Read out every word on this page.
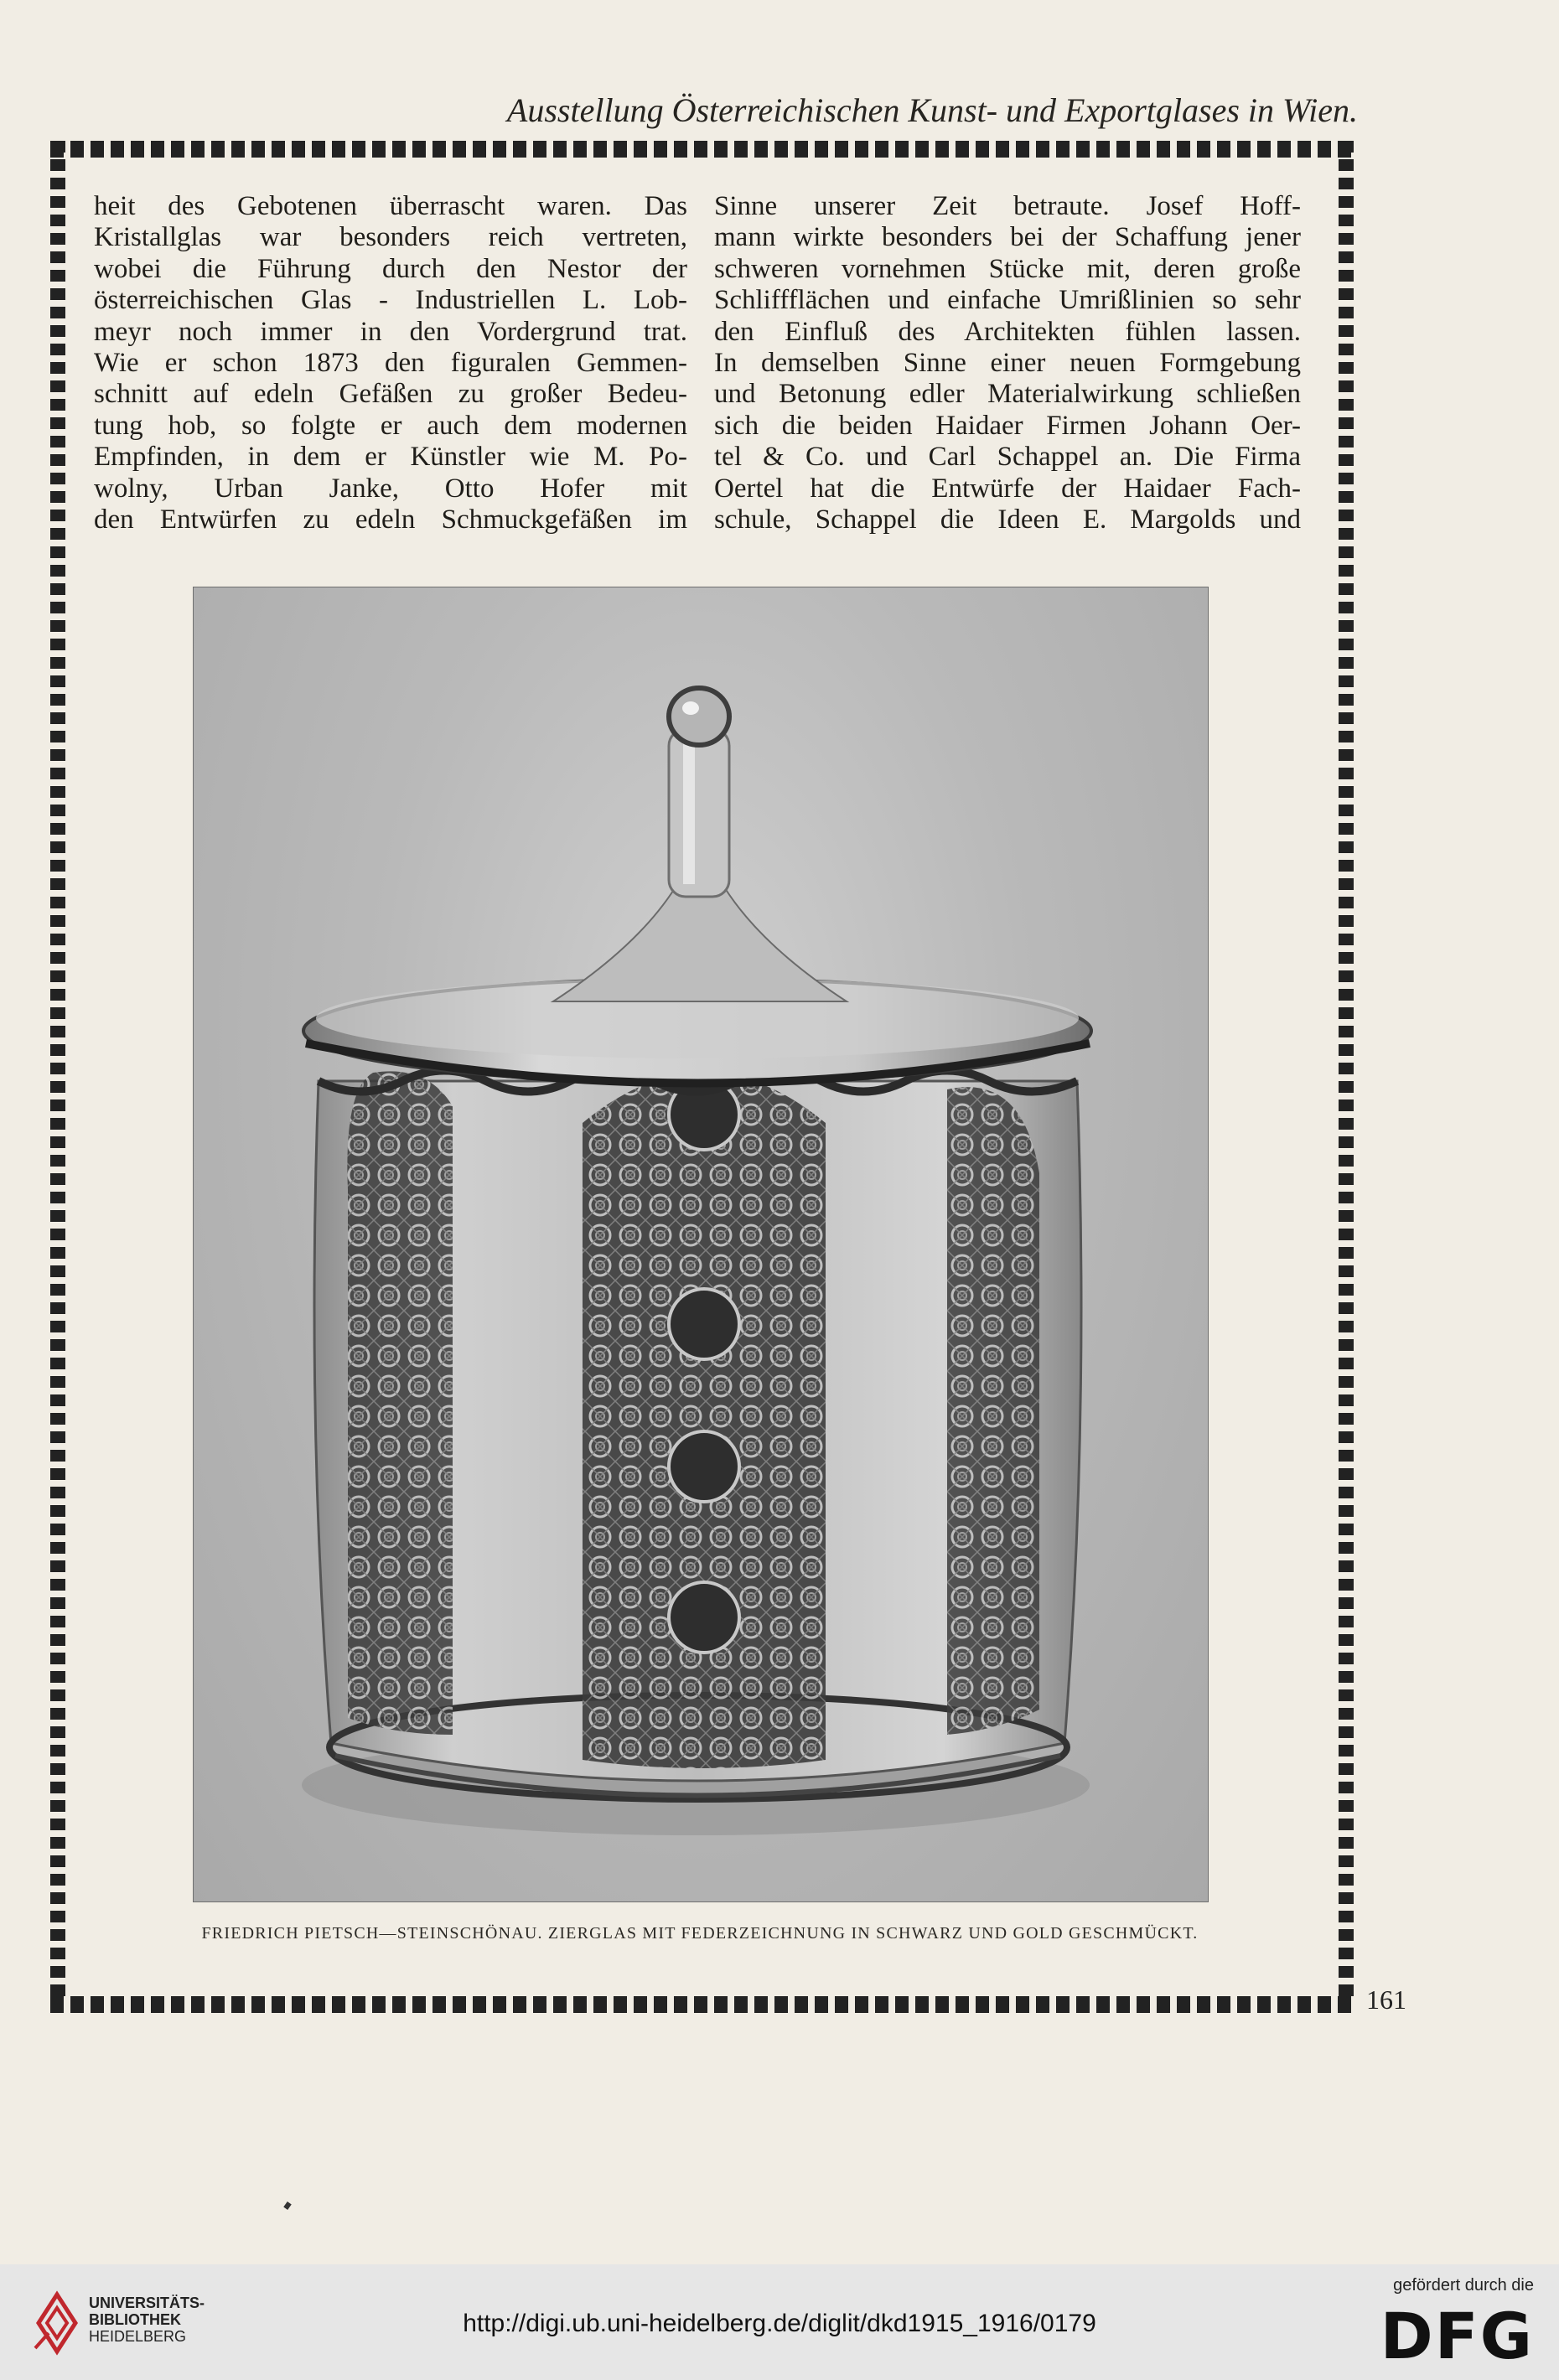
Ausstellung Österreichischen Kunst- und Exportglases in Wien.
heit des Gebotenen überrascht waren. Das
Kristallglas war besonders reich vertreten,
wobei die Führung durch den Nestor der
österreichischen Glas - Industriellen L. Lob-
meyr noch immer in den Vordergrund trat.
Wie er schon 1873 den figuralen Gemmen-
schnitt auf edeln Gefäßen zu großer Bedeu-
tung hob, so folgte er auch dem modernen
Empfinden, in dem er Künstler wie M. Po-
wolny, Urban Janke, Otto Hofer mit
den Entwürfen zu edeln Schmuckgefäßen im
Sinne unserer Zeit betraute. Josef Hoff-
mann wirkte besonders bei der Schaffung jener
schweren vornehmen Stücke mit, deren große
Schliffflächen und einfache Umrißlinien so sehr
den Einfluß des Architekten fühlen lassen.
In demselben Sinne einer neuen Formgebung
und Betonung edler Materialwirkung schließen
sich die beiden Haidaer Firmen Johann Oer-
tel & Co. und Carl Schappel an. Die Firma
Oertel hat die Entwürfe der Haidaer Fach-
schule, Schappel die Ideen E. Margolds und
FRIEDRICH PIETSCH—STEINSCHÖNAU. ZIERGLAS MIT FEDERZEICHNUNG IN SCHWARZ UND GOLD GESCHMÜCKT.
161
UNIVERSITÄTS-
BIBLIOTHEK
HEIDELBERG	http://digi.ub.uni-heidelberg.de/diglit/dkd1915_1916/0179
gefördert durch die
DFG
